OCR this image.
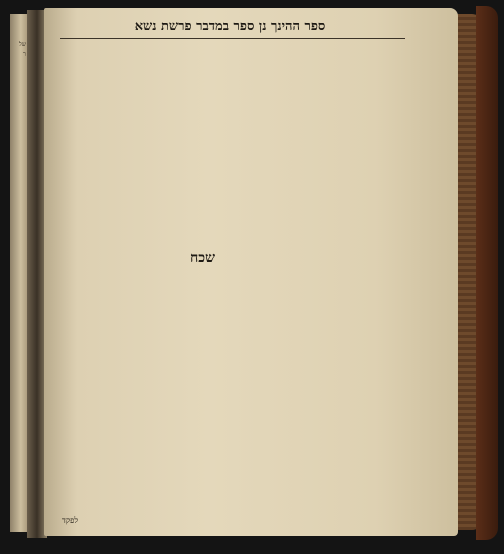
של
ר
ספר ההינך נן ספר במדבר פרשת נשא
שכח
לפקד
